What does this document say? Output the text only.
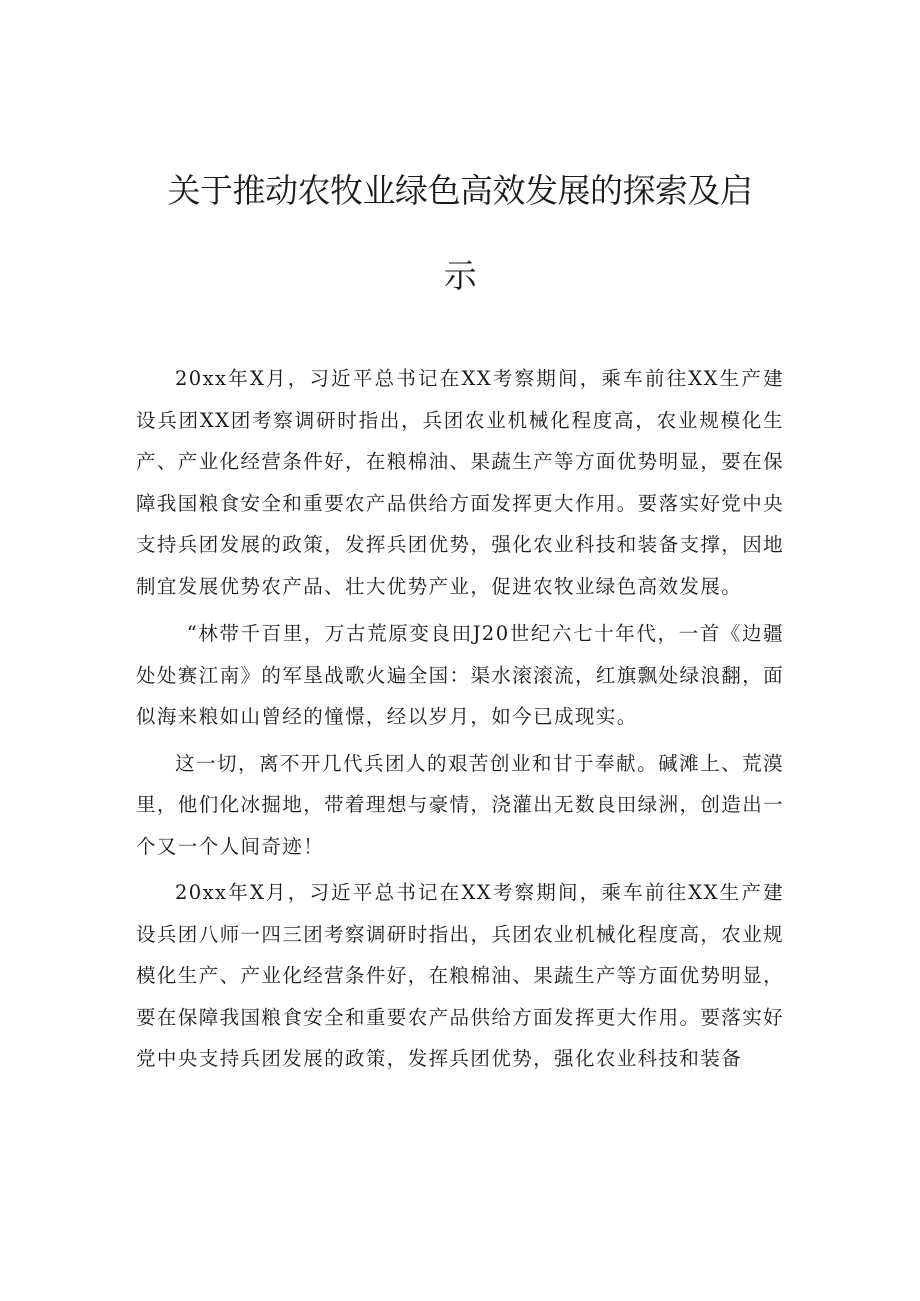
关于推动农牧业绿色高效发展的探索及启
示

20xx年X月，习近平总书记在XX考察期间，乘车前往XX生产建设兵团XX团考察调研时指出，兵团农业机械化程度高，农业规模化生产、产业化经营条件好，在粮棉油、果蔬生产等方面优势明显，要在保障我国粮食安全和重要农产品供给方面发挥更大作用。要落实好党中央支持兵团发展的政策，发挥兵团优势，强化农业科技和装备支撑，因地制宜发展优势农产品、壮大优势产业，促进农牧业绿色高效发展。

“林带千百里，万古荒原变良田J20世纪六七十年代，一首《边疆处处赛江南》的军垦战歌火遍全国：渠水滚滚流，红旗飘处绿浪翻，面似海来粮如山曾经的憧憬，经以岁月，如今已成现实。

这一切，离不开几代兵团人的艰苦创业和甘于奉献。碱滩上、荒漠里，他们化冰掘地，带着理想与豪情，浇灌出无数良田绿洲，创造出一个又一个人间奇迹！

20xx年X月，习近平总书记在XX考察期间，乘车前往XX生产建设兵团八师一四三团考察调研时指出，兵团农业机械化程度高，农业规模化生产、产业化经营条件好，在粮棉油、果蔬生产等方面优势明显，要在保障我国粮食安全和重要农产品供给方面发挥更大作用。要落实好党中央支持兵团发展的政策，发挥兵团优势，强化农业科技和装备
